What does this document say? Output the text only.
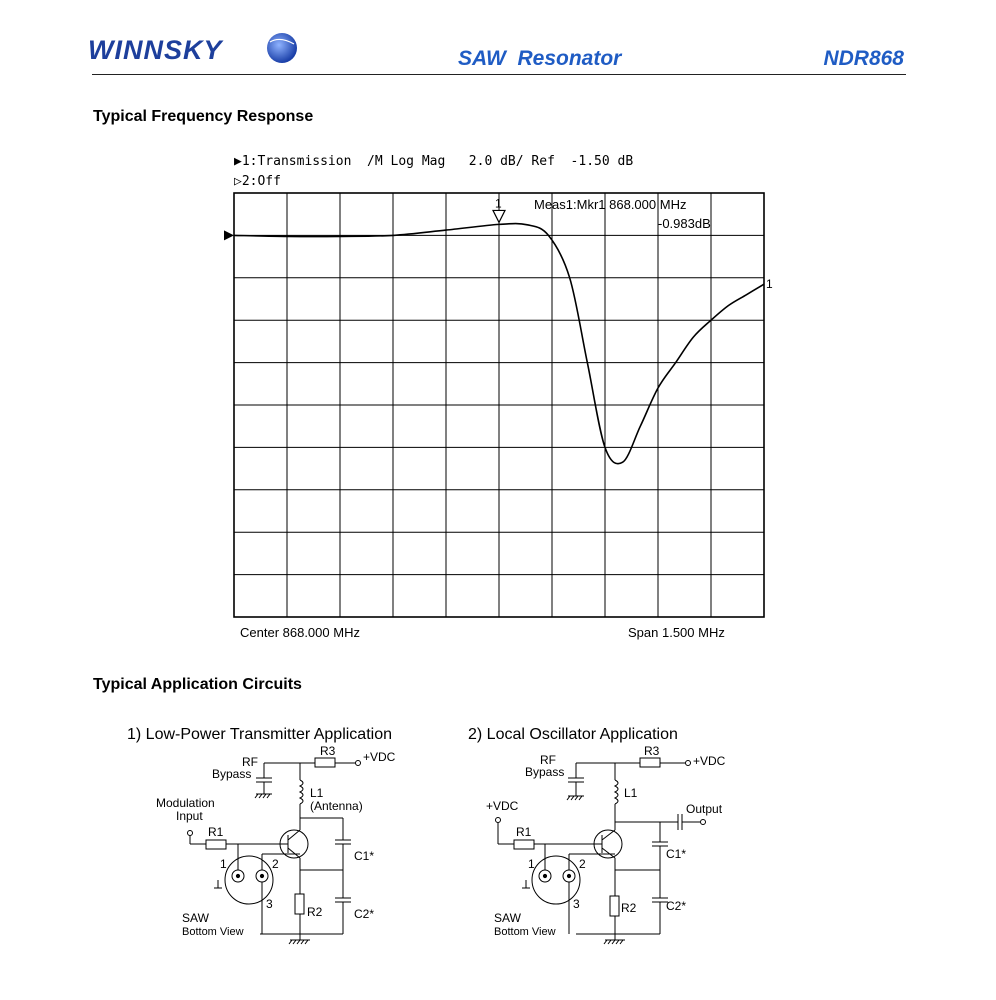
WINNSKY	SAW  Resonator	NDR868
Typical Frequency Response
▶1:Transmission  /M Log Mag   2.0 dB/ Ref  -1.50 dB
▷2:Off
1
1 Meas1:Mkr1 868.000 MHz
-0.983dB
Center 868.000 MHz	Span 1.500 MHz
Typical Application Circuits
1) Low-Power Transmitter Application	2) Local Oscillator Application
RF
Bypass
R3 +VDC
L1
(Antenna)
Modulation
Input
R1
1	2
3
C1*
R2	C2*
SAW
Bottom View
RF
Bypass
R3
+VDC
L1
+VDC	Output
R1
1	2
3
C1*
R2 C2*
SAW
Bottom View
